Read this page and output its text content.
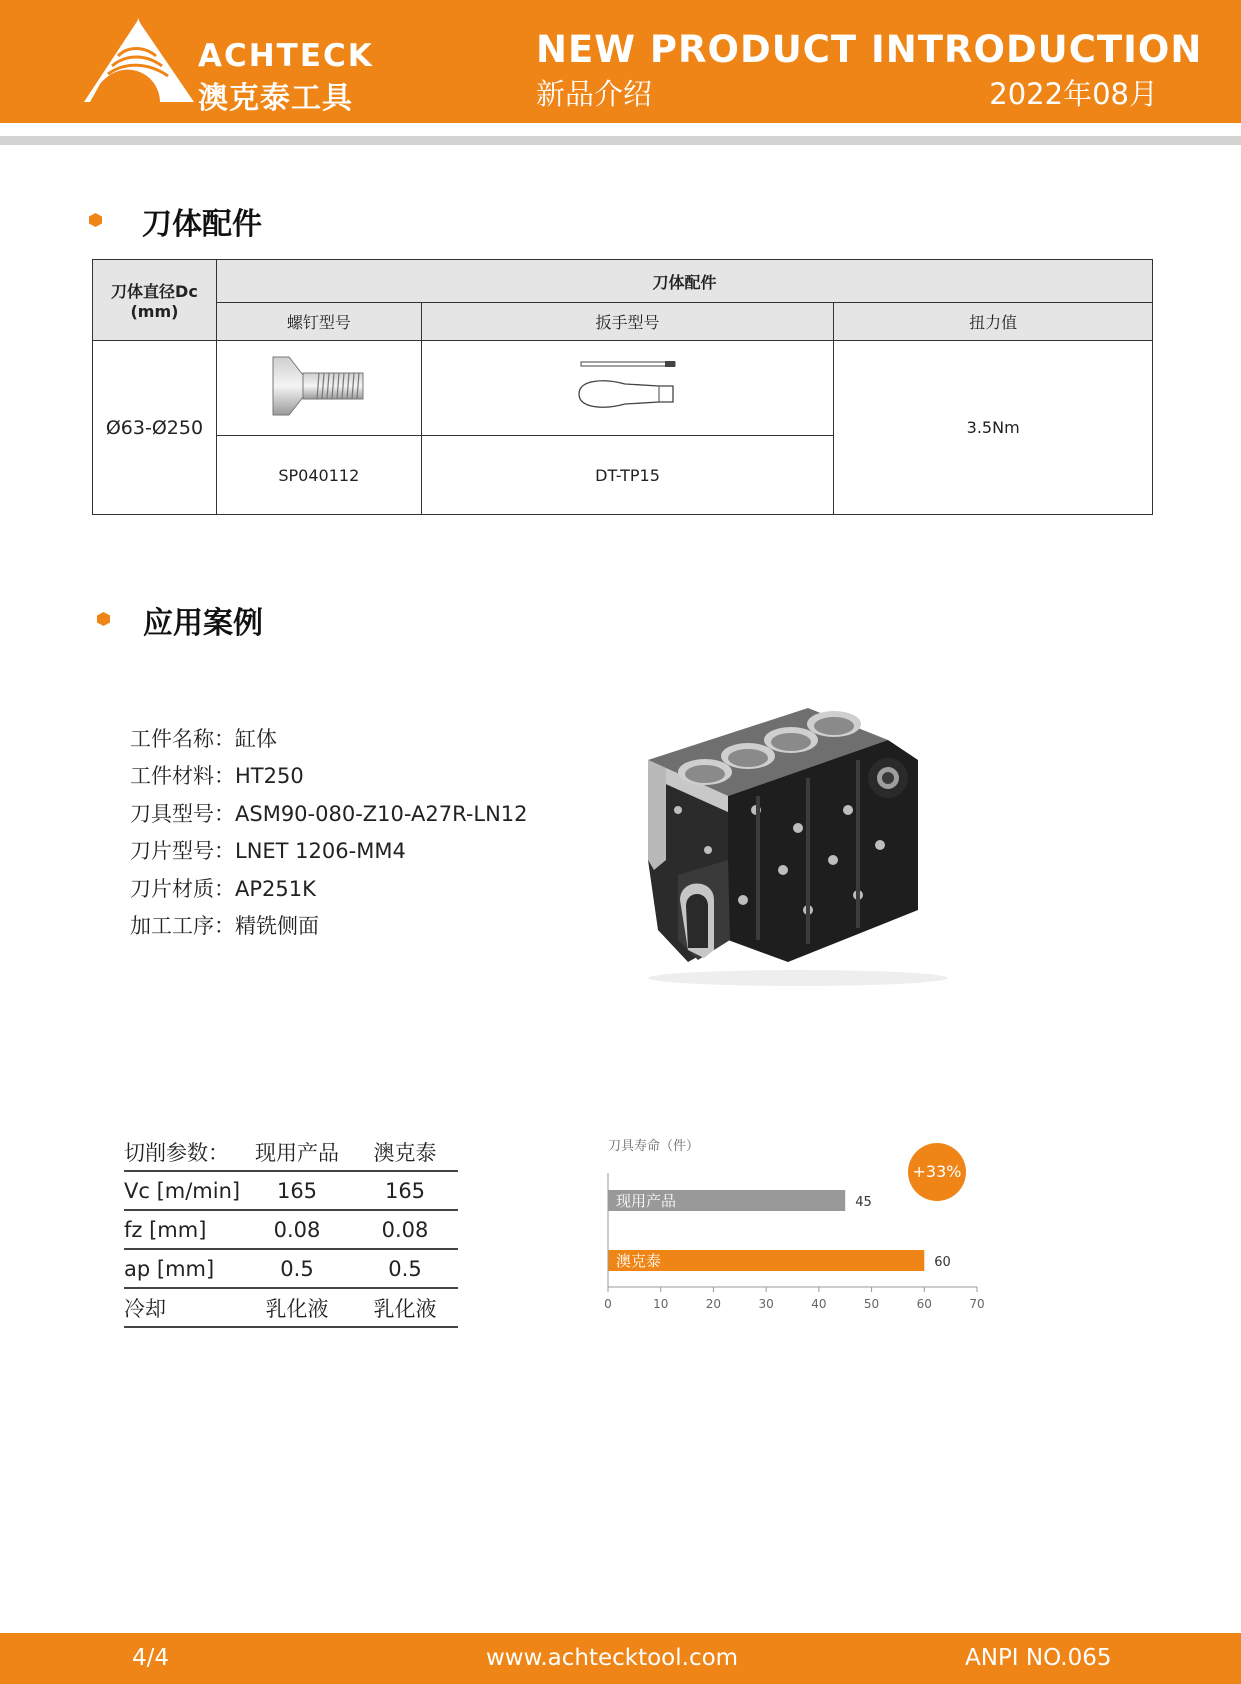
ACHTECK
澳克泰工具
NEW PRODUCT INTRODUCTION
新品介绍	2022年08月
刀体配件
刀体直径Dc
(mm)	刀体配件		
	螺钉型号	扳手型号	扭力值
Ø63-Ø250			3.5Nm
	SP040112	DT-TP15	
应用案例
工件名称：缸体
工件材料：HT250
刀具型号：ASM90-080-Z10-A27R-LN12
刀片型号：LNET 1206-MM4
刀片材质：AP251K
加工工序：精铣侧面
切削参数：	现用产品	澳克泰
Vc [m/min]	165	165
fz [mm]	0.08	0.08
ap [mm]	0.5	0.5
冷却	乳化液	乳化液
刀具寿命（件）
+33%
现用产品	45
澳克泰	60
0	10	20	30	40	50	60	70
4/4	www.achtecktool.com	ANPI NO.065
